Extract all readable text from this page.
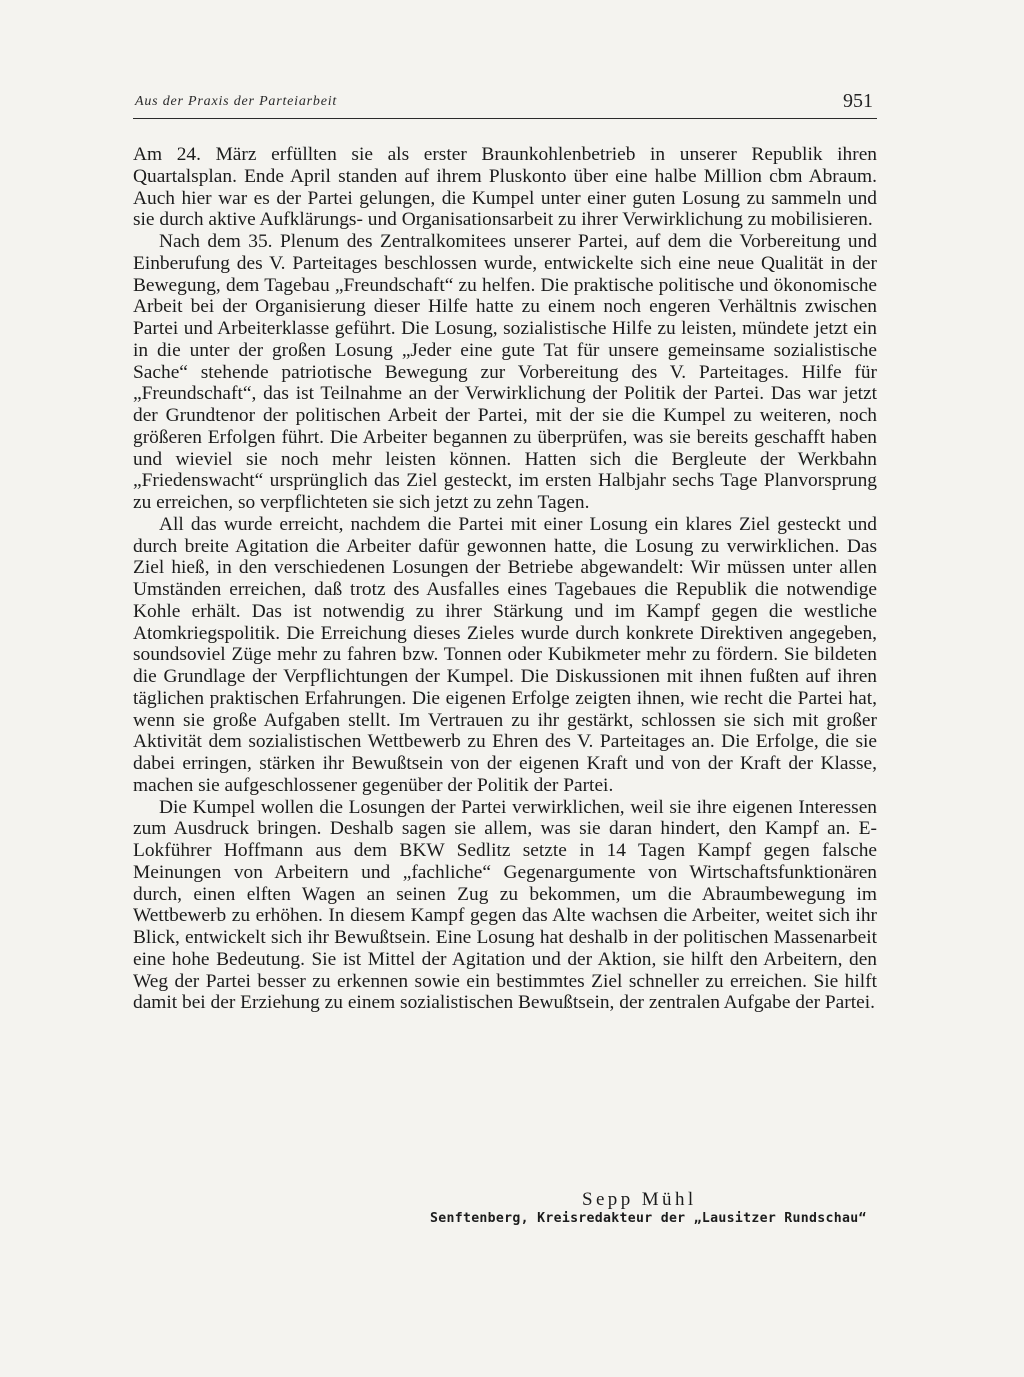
Aus der Praxis der Parteiarbeit	951

Am 24. März erfüllten sie als erster Braunkohlenbetrieb in unserer Republik ihren Quartalsplan. Ende April standen auf ihrem Pluskonto über eine halbe Million cbm Abraum. Auch hier war es der Partei gelungen, die Kumpel unter einer guten Losung zu sammeln und sie durch aktive Aufklärungs- und Organisationsarbeit zu ihrer Verwirklichung zu mobilisieren.

Nach dem 35. Plenum des Zentralkomitees unserer Partei, auf dem die Vorbereitung und Einberufung des V. Parteitages beschlossen wurde, entwickelte sich eine neue Qualität in der Bewegung, dem Tagebau „Freundschaft“ zu helfen. Die praktische politische und ökonomische Arbeit bei der Organisierung dieser Hilfe hatte zu einem noch engeren Verhältnis zwischen Partei und Arbeiterklasse geführt. Die Losung, sozialistische Hilfe zu leisten, mündete jetzt ein in die unter der großen Losung „Jeder eine gute Tat für unsere gemeinsame sozialistische Sache“ stehende patriotische Bewegung zur Vorbereitung des V. Parteitages. Hilfe für „Freundschaft“, das ist Teilnahme an der Verwirklichung der Politik der Partei. Das war jetzt der Grundtenor der politischen Arbeit der Partei, mit der sie die Kumpel zu weiteren, noch größeren Erfolgen führt. Die Arbeiter begannen zu überprüfen, was sie bereits geschafft haben und wieviel sie noch mehr leisten können. Hatten sich die Bergleute der Werkbahn „Friedenswacht“ ursprünglich das Ziel gesteckt, im ersten Halbjahr sechs Tage Planvorsprung zu erreichen, so verpflichteten sie sich jetzt zu zehn Tagen.

All das wurde erreicht, nachdem die Partei mit einer Losung ein klares Ziel gesteckt und durch breite Agitation die Arbeiter dafür gewonnen hatte, die Losung zu verwirklichen. Das Ziel hieß, in den verschiedenen Losungen der Betriebe abgewandelt: Wir müssen unter allen Umständen erreichen, daß trotz des Ausfalles eines Tagebaues die Republik die notwendige Kohle erhält. Das ist notwendig zu ihrer Stärkung und im Kampf gegen die westliche Atomkriegspolitik. Die Erreichung dieses Zieles wurde durch konkrete Direktiven angegeben, soundsoviel Züge mehr zu fahren bzw. Tonnen oder Kubikmeter mehr zu fördern. Sie bildeten die Grundlage der Verpflichtungen der Kumpel. Die Diskussionen mit ihnen fußten auf ihren täglichen praktischen Erfahrungen. Die eigenen Erfolge zeigten ihnen, wie recht die Partei hat, wenn sie große Aufgaben stellt. Im Vertrauen zu ihr gestärkt, schlossen sie sich mit großer Aktivität dem sozialistischen Wettbewerb zu Ehren des V. Parteitages an. Die Erfolge, die sie dabei erringen, stärken ihr Bewußtsein von der eigenen Kraft und von der Kraft der Klasse, machen sie aufgeschlossener gegenüber der Politik der Partei.

Die Kumpel wollen die Losungen der Partei verwirklichen, weil sie ihre eigenen Interessen zum Ausdruck bringen. Deshalb sagen sie allem, was sie daran hindert, den Kampf an. E-Lokführer Hoffmann aus dem BKW Sedlitz setzte in 14 Tagen Kampf gegen falsche Meinungen von Arbeitern und „fachliche“ Gegenargumente von Wirtschaftsfunktionären durch, einen elften Wagen an seinen Zug zu bekommen, um die Abraumbewegung im Wettbewerb zu erhöhen. In diesem Kampf gegen das Alte wachsen die Arbeiter, weitet sich ihr Blick, entwickelt sich ihr Bewußtsein. Eine Losung hat deshalb in der politischen Massenarbeit eine hohe Bedeutung. Sie ist Mittel der Agitation und der Aktion, sie hilft den Arbeitern, den Weg der Partei besser zu erkennen sowie ein bestimmtes Ziel schneller zu erreichen. Sie hilft damit bei der Erziehung zu einem sozialistischen Bewußtsein, der zentralen Aufgabe der Partei.

Sepp Mühl
Senftenberg, Kreisredakteur der „Lausitzer Rundschau“
